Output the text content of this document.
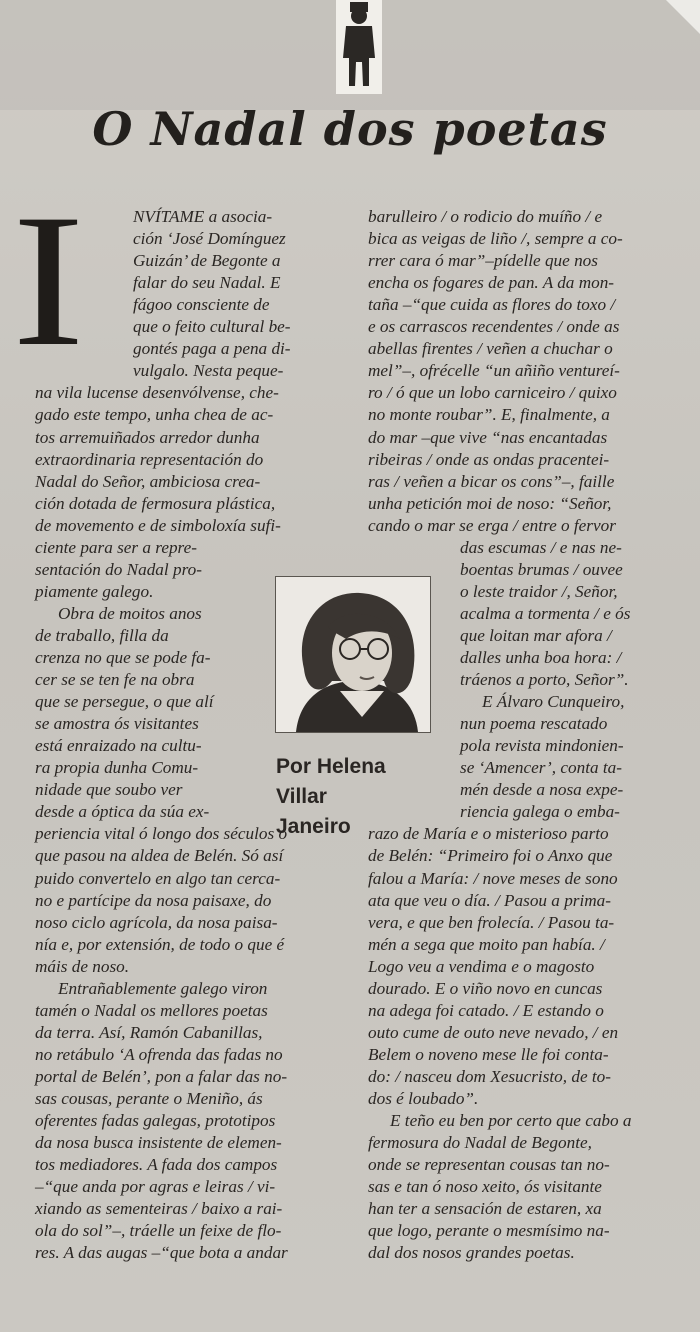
O Nadal dos poetas
I
Por Helena
Villar
Janeiro

NVÍTAME a asocia-

ción ‘José Domínguez

Guizán’ de Begonte a

falar do seu Nadal. E

fágoo consciente de

que o feito cultural be-

gontés paga a pena di-

vulgalo. Nesta peque-

na vila lucense desenvólvense, che-

gado este tempo, unha chea de ac-

tos arremuiñados arredor dunha

extraordinaria representación do

Nadal do Señor, ambiciosa crea-

ción dotada de fermosura plástica,

de movemento e de simboloxía sufi-

ciente para ser a repre-

sentación do Nadal pro-

piamente galego.

Obra de moitos anos

de traballo, filla da

crenza no que se pode fa-

cer se se ten fe na obra

que se persegue, o que alí

se amostra ós visitantes

está enraizado na cultu-

ra propia dunha Comu-

nidade que soubo ver

desde a óptica da súa ex-

periencia vital ó longo dos séculos o

que pasou na aldea de Belén. Só así

puido convertelo en algo tan cerca-

no e partícipe da nosa paisaxe, do

noso ciclo agrícola, da nosa paisa-

nía e, por extensión, de todo o que é

máis de noso.

Entrañablemente galego viron

tamén o Nadal os mellores poetas

da terra. Así, Ramón Cabanillas,

no retábulo ‘A ofrenda das fadas no

portal de Belén’, pon a falar das no-

sas cousas, perante o Meniño, ás

oferentes fadas galegas, prototipos

da nosa busca insistente de elemen-

tos mediadores. A fada dos campos

–“que anda por agras e leiras / vi-

xiando as sementeiras / baixo a rai-

ola do sol”–, tráelle un feixe de flo-

res. A das augas –“que bota a andar

barulleiro / o rodicio do muíño / e

bica as veigas de liño /, sempre a co-

rrer cara ó mar”–pídelle que nos

encha os fogares de pan. A da mon-

taña –“que cuida as flores do toxo /

e os carrascos recendentes / onde as

abellas firentes / veñen a chuchar o

mel”–, ofrécelle “un añiño ventureí-

ro / ó que un lobo carniceiro / quixo

no monte roubar”. E, finalmente, a

do mar –que vive “nas encantadas

ribeiras / onde as ondas pracentei-

ras / veñen a bicar os cons”–, faille

unha petición moi de noso: “Señor,

cando o mar se erga / entre o fervor

das escumas / e nas ne-

boentas brumas / ouvee

o leste traidor /, Señor,

acalma a tormenta / e ós

que loitan mar afora /

dalles unha boa hora: /

tráenos a porto, Señor”.

E Álvaro Cunqueiro,

nun poema rescatado

pola revista mindonien-

se ‘Amencer’, conta ta-

mén desde a nosa expe-

riencia galega o emba-

razo de María e o misterioso parto

de Belén: “Primeiro foi o Anxo que

falou a María: / nove meses de sono

ata que veu o día. / Pasou a prima-

vera, e que ben frolecía. / Pasou ta-

mén a sega que moito pan había. /

Logo veu a vendima e o magosto

dourado. E o viño novo en cuncas

na adega foi catado. / E estando o

outo cume de outo neve nevado, / en

Belem o noveno mese lle foi conta-

do: / nasceu dom Xesucristo, de to-

dos é loubado”.

E teño eu ben por certo que cabo a

fermosura do Nadal de Begonte,

onde se representan cousas tan no-

sas e tan ó noso xeito, ós visitante

han ter a sensación de estaren, xa

que logo, perante o mesmísimo na-

dal dos nosos grandes poetas.
